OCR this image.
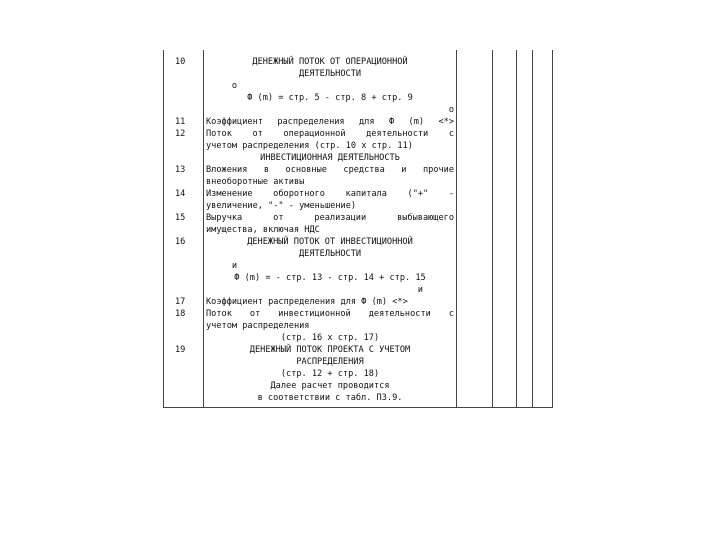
10	ДЕНЕЖНЫЙ ПОТОК ОТ ОПЕРАЦИОННОЙ
ДЕЯТЕЛЬНОСТИ
о
Ф (m) = стр. 5 - стр. 8 + стр. 9
о
11	Коэффициент распределения для Ф (m) <*>
12	Поток от операционной деятельности с
учетом распределения (стр. 10 x стр. 11)
ИНВЕСТИЦИОННАЯ ДЕЯТЕЛЬНОСТЬ
13	Вложения в основные средства и прочие
внеоборотные активы
14	Изменение оборотного капитала ("+" -
увеличение, "-" - уменьшение)
15	Выручка от реализации выбывающего
имущества, включая НДС
16	ДЕНЕЖНЫЙ ПОТОК ОТ ИНВЕСТИЦИОННОЙ
ДЕЯТЕЛЬНОСТИ
и
Ф (m) = - стр. 13 - стр. 14 + стр. 15
и
17	Коэффициент распределения для Ф (m) <*>
18	Поток от инвестиционной деятельности с
учетом распределения
(стр. 16 x стр. 17)
19	ДЕНЕЖНЫЙ ПОТОК ПРОЕКТА С УЧЕТОМ
РАСПРЕДЕЛЕНИЯ
(стр. 12 + стр. 18)
Далее расчет проводится
в соответствии с табл. П3.9.
